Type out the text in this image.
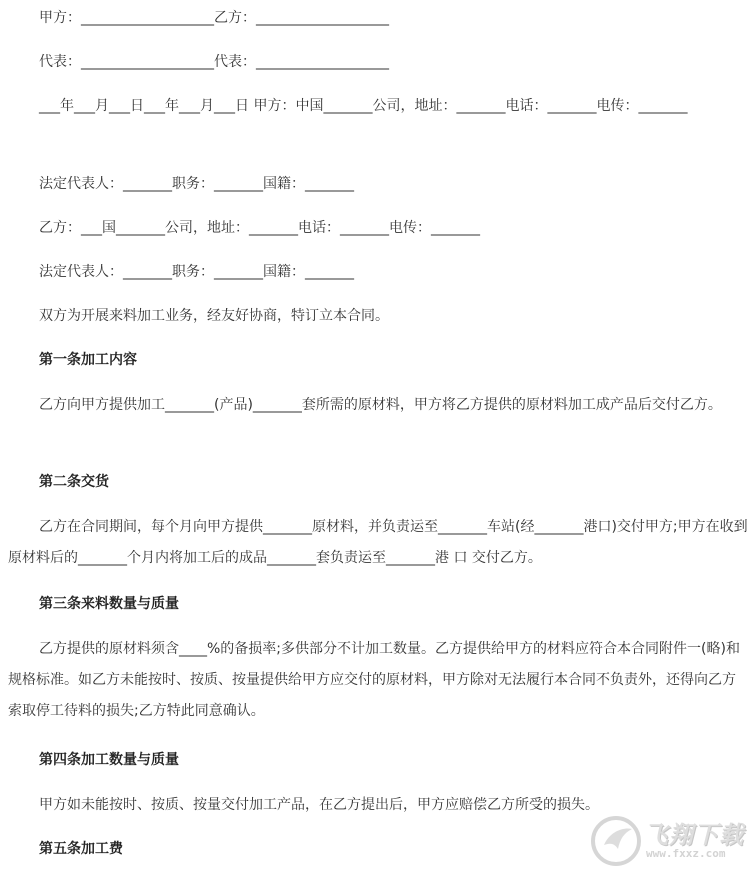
甲方：___________________乙方：___________________
代表：___________________代表：___________________
___年___月___日___年___月___日 甲方：中国_______公司，地址：_______电话：_______电传：_______
法定代表人：_______职务：_______国籍：_______
乙方：___国_______公司，地址：_______电话：_______电传：_______
法定代表人：_______职务：_______国籍：_______
双方为开展来料加工业务，经友好协商，特订立本合同。
第一条加工内容
乙方向甲方提供加工_______(产品)_______套所需的原材料，甲方将乙方提供的原材料加工成产品后交付乙方。
第二条交货
乙方在合同期间，每个月向甲方提供_______原材料，并负责运至_______车站(经_______港口)交付甲方;甲方在收到原材料后的_______个月内将加工后的成品_______套负责运至_______港 口 交付乙方。
第三条来料数量与质量
乙方提供的原材料须含____%的备损率;多供部分不计加工数量。乙方提供给甲方的材料应符合本合同附件一(略)和规格标准。如乙方未能按时、按质、按量提供给甲方应交付的原材料，甲方除对无法履行本合同不负责外，还得向乙方索取停工待料的损失;乙方特此同意确认。
第四条加工数量与质量
甲方如未能按时、按质、按量交付加工产品，在乙方提出后，甲方应赔偿乙方所受的损失。
第五条加工费	飞翔下载
www.fxxz.com
